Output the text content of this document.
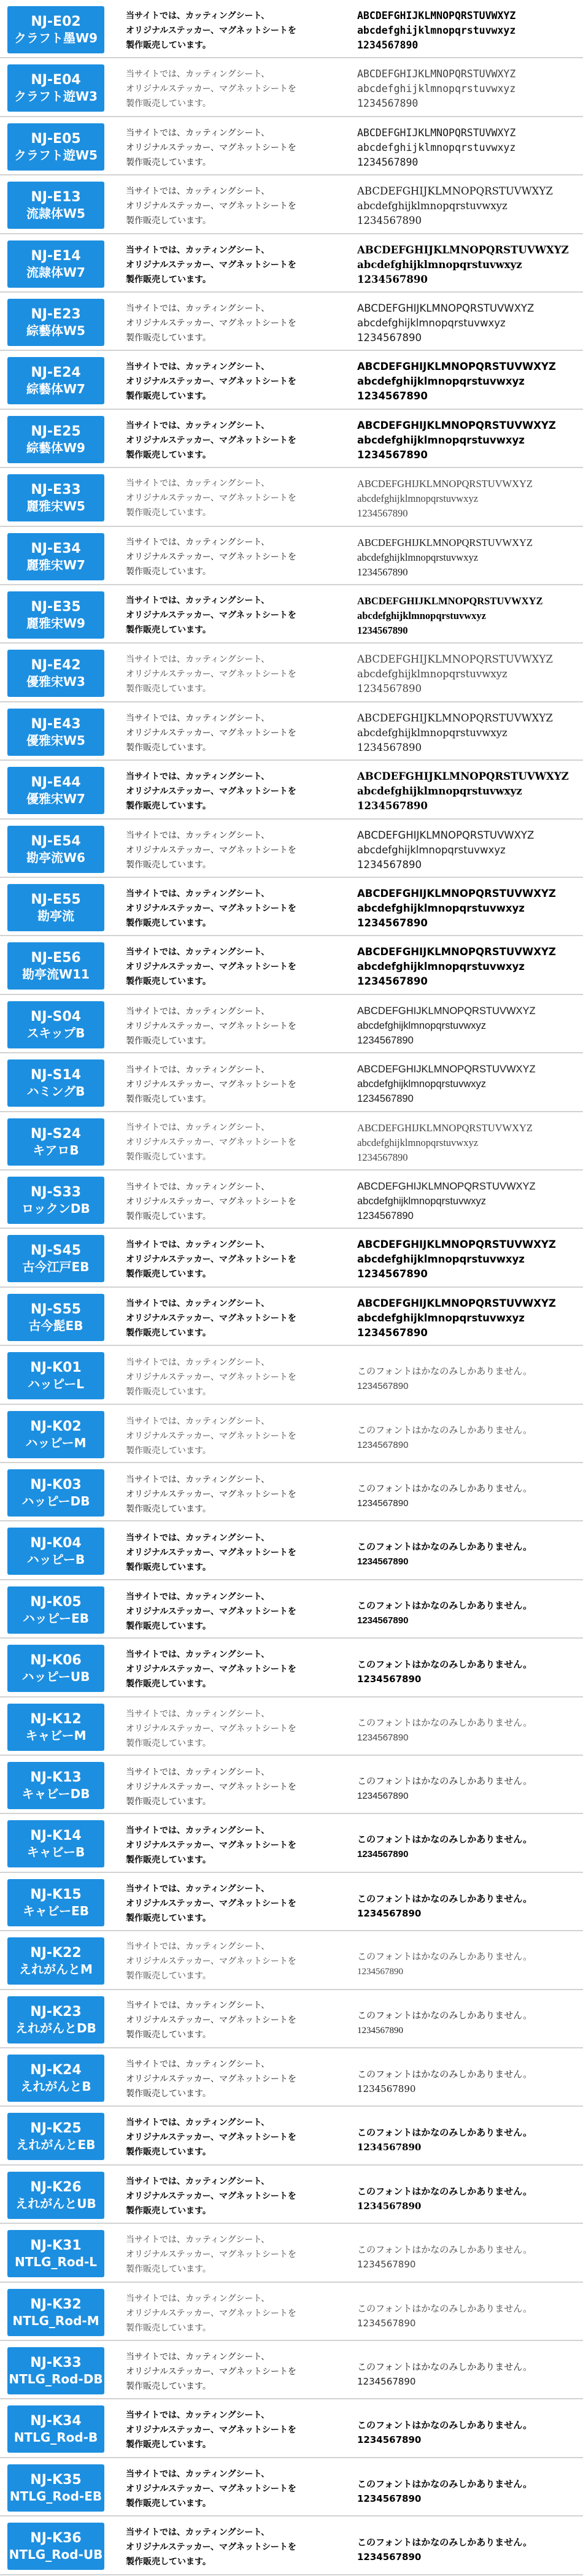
NJ-E02
クラフト墨W9
当サイトでは、カッティングシート、
オリジナルステッカー、マグネットシートを
製作販売しています。
ABCDEFGHIJKLMNOPQRSTUVWXYZ
abcdefghijklmnopqrstuvwxyz
1234567890
NJ-E04
クラフト遊W3
当サイトでは、カッティングシート、
オリジナルステッカー、マグネットシートを
製作販売しています。
ABCDEFGHIJKLMNOPQRSTUVWXYZ
abcdefghijklmnopqrstuvwxyz
1234567890
NJ-E05
クラフト遊W5
当サイトでは、カッティングシート、
オリジナルステッカー、マグネットシートを
製作販売しています。
ABCDEFGHIJKLMNOPQRSTUVWXYZ
abcdefghijklmnopqrstuvwxyz
1234567890
NJ-E13
流隷体W5
当サイトでは、カッティングシート、
オリジナルステッカー、マグネットシートを
製作販売しています。
ABCDEFGHIJKLMNOPQRSTUVWXYZ
abcdefghijklmnopqrstuvwxyz
1234567890
NJ-E14
流隷体W7
当サイトでは、カッティングシート、
オリジナルステッカー、マグネットシートを
製作販売しています。
ABCDEFGHIJKLMNOPQRSTUVWXYZ
abcdefghijklmnopqrstuvwxyz
1234567890
NJ-E23
綜藝体W5
当サイトでは、カッティングシート、
オリジナルステッカー、マグネットシートを
製作販売しています。
ABCDEFGHIJKLMNOPQRSTUVWXYZ
abcdefghijklmnopqrstuvwxyz
1234567890
NJ-E24
綜藝体W7
当サイトでは、カッティングシート、
オリジナルステッカー、マグネットシートを
製作販売しています。
ABCDEFGHIJKLMNOPQRSTUVWXYZ
abcdefghijklmnopqrstuvwxyz
1234567890
NJ-E25
綜藝体W9
当サイトでは、カッティングシート、
オリジナルステッカー、マグネットシートを
製作販売しています。
ABCDEFGHIJKLMNOPQRSTUVWXYZ
abcdefghijklmnopqrstuvwxyz
1234567890
NJ-E33
麗雅宋W5
当サイトでは、カッティングシート、
オリジナルステッカー、マグネットシートを
製作販売しています。
ABCDEFGHIJKLMNOPQRSTUVWXYZ
abcdefghijklmnopqrstuvwxyz
1234567890
NJ-E34
麗雅宋W7
当サイトでは、カッティングシート、
オリジナルステッカー、マグネットシートを
製作販売しています。
ABCDEFGHIJKLMNOPQRSTUVWXYZ
abcdefghijklmnopqrstuvwxyz
1234567890
NJ-E35
麗雅宋W9
当サイトでは、カッティングシート、
オリジナルステッカー、マグネットシートを
製作販売しています。
ABCDEFGHIJKLMNOPQRSTUVWXYZ
abcdefghijklmnopqrstuvwxyz
1234567890
NJ-E42
優雅宋W3
当サイトでは、カッティングシート、
オリジナルステッカー、マグネットシートを
製作販売しています。
ABCDEFGHIJKLMNOPQRSTUVWXYZ
abcdefghijklmnopqrstuvwxyz
1234567890
NJ-E43
優雅宋W5
当サイトでは、カッティングシート、
オリジナルステッカー、マグネットシートを
製作販売しています。
ABCDEFGHIJKLMNOPQRSTUVWXYZ
abcdefghijklmnopqrstuvwxyz
1234567890
NJ-E44
優雅宋W7
当サイトでは、カッティングシート、
オリジナルステッカー、マグネットシートを
製作販売しています。
ABCDEFGHIJKLMNOPQRSTUVWXYZ
abcdefghijklmnopqrstuvwxyz
1234567890
NJ-E54
勘亭流W6
当サイトでは、カッティングシート、
オリジナルステッカー、マグネットシートを
製作販売しています。
ABCDEFGHIJKLMNOPQRSTUVWXYZ
abcdefghijklmnopqrstuvwxyz
1234567890
NJ-E55
勘亭流
当サイトでは、カッティングシート、
オリジナルステッカー、マグネットシートを
製作販売しています。
ABCDEFGHIJKLMNOPQRSTUVWXYZ
abcdefghijklmnopqrstuvwxyz
1234567890
NJ-E56
勘亭流W11
当サイトでは、カッティングシート、
オリジナルステッカー、マグネットシートを
製作販売しています。
ABCDEFGHIJKLMNOPQRSTUVWXYZ
abcdefghijklmnopqrstuvwxyz
1234567890
NJ-S04
スキップB
当サイトでは、カッティングシート、
オリジナルステッカー、マグネットシートを
製作販売しています。
ABCDEFGHIJKLMNOPQRSTUVWXYZ
abcdefghijklmnopqrstuvwxyz
1234567890
NJ-S14
ハミングB
当サイトでは、カッティングシート、
オリジナルステッカー、マグネットシートを
製作販売しています。
ABCDEFGHIJKLMNOPQRSTUVWXYZ
abcdefghijklmnopqrstuvwxyz
1234567890
NJ-S24
キアロB
当サイトでは、カッティングシート、
オリジナルステッカー、マグネットシートを
製作販売しています。
ABCDEFGHIJKLMNOPQRSTUVWXYZ
abcdefghijklmnopqrstuvwxyz
1234567890
NJ-S33
ロックンDB
当サイトでは、カッティングシート、
オリジナルステッカー、マグネットシートを
製作販売しています。
ABCDEFGHIJKLMNOPQRSTUVWXYZ
abcdefghijklmnopqrstuvwxyz
1234567890
NJ-S45
古今江戸EB
当サイトでは、カッティングシート、
オリジナルステッカー、マグネットシートを
製作販売しています。
ABCDEFGHIJKLMNOPQRSTUVWXYZ
abcdefghijklmnopqrstuvwxyz
1234567890
NJ-S55
古今髭EB
当サイトでは、カッティングシート、
オリジナルステッカー、マグネットシートを
製作販売しています。
ABCDEFGHIJKLMNOPQRSTUVWXYZ
abcdefghijklmnopqrstuvwxyz
1234567890
NJ-K01
ハッピーL
当サイトでは、カッティングシート、
オリジナルステッカー、マグネットシートを
製作販売しています。
このフォントはかなのみしかありません。
1234567890
NJ-K02
ハッピーM
当サイトでは、カッティングシート、
オリジナルステッカー、マグネットシートを
製作販売しています。
このフォントはかなのみしかありません。
1234567890
NJ-K03
ハッピーDB
当サイトでは、カッティングシート、
オリジナルステッカー、マグネットシートを
製作販売しています。
このフォントはかなのみしかありません。
1234567890
NJ-K04
ハッピーB
当サイトでは、カッティングシート、
オリジナルステッカー、マグネットシートを
製作販売しています。
このフォントはかなのみしかありません。
1234567890
NJ-K05
ハッピーEB
当サイトでは、カッティングシート、
オリジナルステッカー、マグネットシートを
製作販売しています。
このフォントはかなのみしかありません。
1234567890
NJ-K06
ハッピーUB
当サイトでは、カッティングシート、
オリジナルステッカー、マグネットシートを
製作販売しています。
このフォントはかなのみしかありません。
1234567890
NJ-K12
キャビーM
当サイトでは、カッティングシート、
オリジナルステッカー、マグネットシートを
製作販売しています。
このフォントはかなのみしかありません。
1234567890
NJ-K13
キャビーDB
当サイトでは、カッティングシート、
オリジナルステッカー、マグネットシートを
製作販売しています。
このフォントはかなのみしかありません。
1234567890
NJ-K14
キャビーB
当サイトでは、カッティングシート、
オリジナルステッカー、マグネットシートを
製作販売しています。
このフォントはかなのみしかありません。
1234567890
NJ-K15
キャビーEB
当サイトでは、カッティングシート、
オリジナルステッカー、マグネットシートを
製作販売しています。
このフォントはかなのみしかありません。
1234567890
NJ-K22
えれがんとM
当サイトでは、カッティングシート、
オリジナルステッカー、マグネットシートを
製作販売しています。
このフォントはかなのみしかありません。
1234567890
NJ-K23
えれがんとDB
当サイトでは、カッティングシート、
オリジナルステッカー、マグネットシートを
製作販売しています。
このフォントはかなのみしかありません。
1234567890
NJ-K24
えれがんとB
当サイトでは、カッティングシート、
オリジナルステッカー、マグネットシートを
製作販売しています。
このフォントはかなのみしかありません。
1234567890
NJ-K25
えれがんとEB
当サイトでは、カッティングシート、
オリジナルステッカー、マグネットシートを
製作販売しています。
このフォントはかなのみしかありません。
1234567890
NJ-K26
えれがんとUB
当サイトでは、カッティングシート、
オリジナルステッカー、マグネットシートを
製作販売しています。
このフォントはかなのみしかありません。
1234567890
NJ-K31
NTLG_Rod-L
当サイトでは、カッティングシート、
オリジナルステッカー、マグネットシートを
製作販売しています。
このフォントはかなのみしかありません。
1234567890
NJ-K32
NTLG_Rod-M
当サイトでは、カッティングシート、
オリジナルステッカー、マグネットシートを
製作販売しています。
このフォントはかなのみしかありません。
1234567890
NJ-K33
NTLG_Rod-DB
当サイトでは、カッティングシート、
オリジナルステッカー、マグネットシートを
製作販売しています。
このフォントはかなのみしかありません。
1234567890
NJ-K34
NTLG_Rod-B
当サイトでは、カッティングシート、
オリジナルステッカー、マグネットシートを
製作販売しています。
このフォントはかなのみしかありません。
1234567890
NJ-K35
NTLG_Rod-EB
当サイトでは、カッティングシート、
オリジナルステッカー、マグネットシートを
製作販売しています。
このフォントはかなのみしかありません。
1234567890
NJ-K36
NTLG_Rod-UB
当サイトでは、カッティングシート、
オリジナルステッカー、マグネットシートを
製作販売しています。
このフォントはかなのみしかありません。
1234567890
